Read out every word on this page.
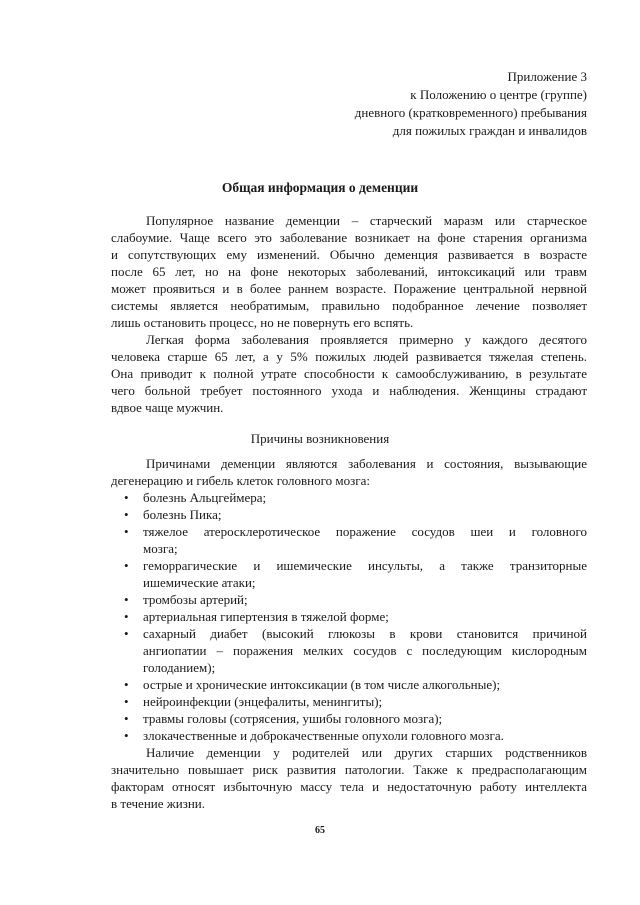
Приложение 3
к Положению о центре (группе)
дневного (кратковременного) пребывания
для пожилых граждан и инвалидов
Общая информация о деменции
Популярное название деменции – старческий маразм или старческое
слабоумие. Чаще всего это заболевание возникает на фоне старения организма
и сопутствующих ему изменений. Обычно деменция развивается в возрасте
после 65 лет, но на фоне некоторых заболеваний, интоксикаций или травм
может проявиться и в более раннем возрасте. Поражение центральной нервной
системы является необратимым, правильно подобранное лечение позволяет
лишь остановить процесс, но не повернуть его вспять.
Легкая форма заболевания проявляется примерно у каждого десятого
человека старше 65 лет, а у 5% пожилых людей развивается тяжелая степень.
Она приводит к полной утрате способности к самообслуживанию, в результате
чего больной требует постоянного ухода и наблюдения. Женщины страдают
вдвое чаще мужчин.
Причины возникновения
Причинами деменции являются заболевания и состояния, вызывающие
дегенерацию и гибель клеток головного мозга:
• болезнь Альцгеймера;
• болезнь Пика;
• тяжелое атеросклеротическое поражение сосудов шеи и головного
мозга;
• геморрагические и ишемические инсульты, а также транзиторные
ишемические атаки;
• тромбозы артерий;
• артериальная гипертензия в тяжелой форме;
• сахарный диабет (высокий глюкозы в крови становится причиной
ангиопатии – поражения мелких сосудов с последующим кислородным
голоданием);
• острые и хронические интоксикации (в том числе алкогольные);
• нейроинфекции (энцефалиты, менингиты);
• травмы головы (сотрясения, ушибы головного мозга);
• злокачественные и доброкачественные опухоли головного мозга.
Наличие деменции у родителей или других старших родственников
значительно повышает риск развития патологии. Также к предрасполагающим
факторам относят избыточную массу тела и недостаточную работу интеллекта
в течение жизни.
65
